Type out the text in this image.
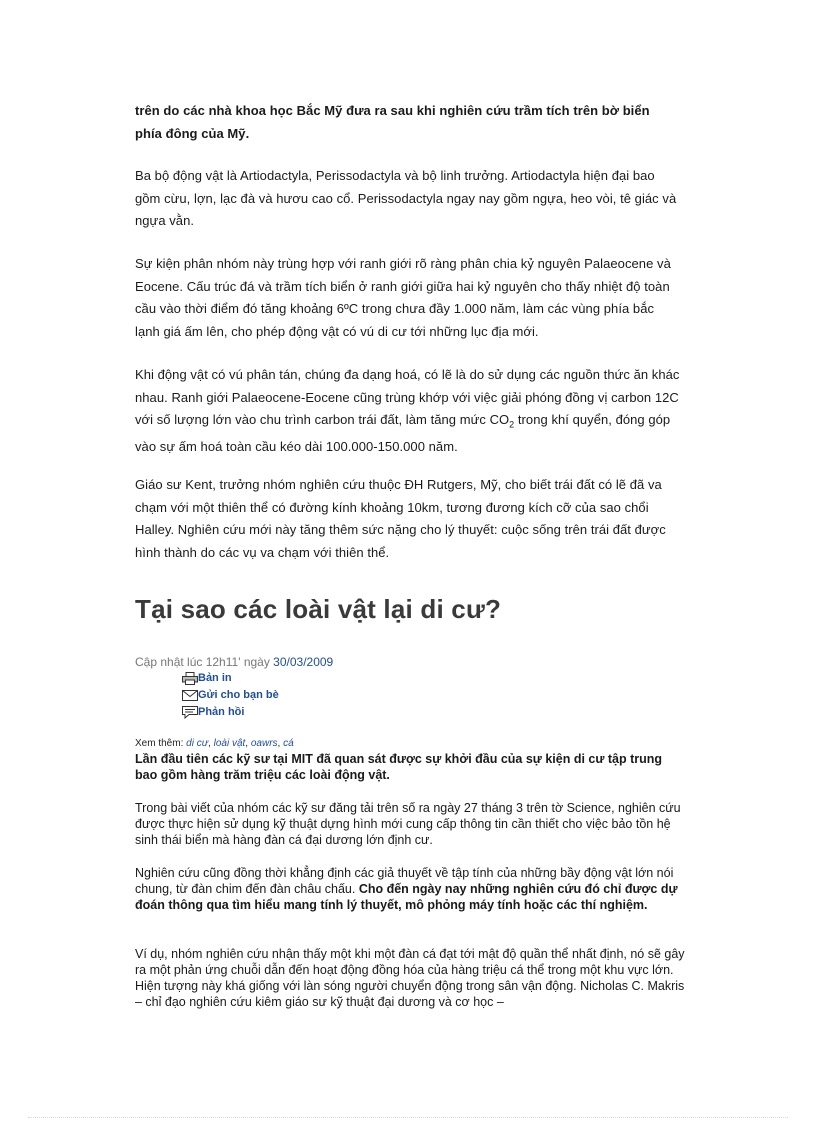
trên do các nhà khoa học Bắc Mỹ đưa ra sau khi nghiên cứu trầm tích trên bờ biển phía đông của Mỹ.

Ba bộ động vật là Artiodactyla, Perissodactyla và bộ linh trưởng. Artiodactyla hiện đại bao gồm cừu, lợn, lạc đà và hươu cao cổ. Perissodactyla ngay nay gồm ngựa, heo vòi, tê giác và ngựa vằn.

Sự kiện phân nhóm này trùng hợp với ranh giới rõ ràng phân chia kỷ nguyên Palaeocene và Eocene. Cấu trúc đá và trầm tích biển ở ranh giới giữa hai kỷ nguyên cho thấy nhiệt độ toàn cầu vào thời điểm đó tăng khoảng 6ºC trong chưa đầy 1.000 năm, làm các vùng phía bắc lạnh giá ấm lên, cho phép động vật có vú di cư tới những lục địa mới.

Khi động vật có vú phân tán, chúng đa dạng hoá, có lẽ là do sử dụng các nguồn thức ăn khác nhau. Ranh giới Palaeocene-Eocene cũng trùng khớp với việc giải phóng đồng vị carbon 12C với số lượng lớn vào chu trình carbon trái đất, làm tăng mức $CO_2$ trong khí quyển, đóng góp vào sự ấm hoá toàn cầu kéo dài 100.000-150.000 năm.

Giáo sư Kent, trưởng nhóm nghiên cứu thuộc ĐH Rutgers, Mỹ, cho biết trái đất có lẽ đã va chạm với một thiên thể có đường kính khoảng 10km, tương đương kích cỡ của sao chổi Halley. Nghiên cứu mới này tăng thêm sức nặng cho lý thuyết: cuộc sống trên trái đất được hình thành do các vụ va chạm với thiên thể.

Tại sao các loài vật lại di cư?
Cập nhật lúc 12h11' ngày 30/03/2009
Bản in
Gửi cho bạn bè
Phản hồi
Xem thêm: di cư, loài vật, oawrs, cá

Lần đầu tiên các kỹ sư tại MIT đã quan sát được sự khởi đầu của sự kiện di cư tập trung bao gồm hàng trăm triệu các loài động vật.

Trong bài viết của nhóm các kỹ sư đăng tải trên số ra ngày 27 tháng 3 trên tờ Science, nghiên cứu được thực hiện sử dụng kỹ thuật dựng hình mới cung cấp thông tin cần thiết cho việc bảo tồn hệ sinh thái biển mà hàng đàn cá đại dương lớn định cư.

Nghiên cứu cũng đồng thời khẳng định các giả thuyết về tập tính của những bầy động vật lớn nói chung, từ đàn chim đến đàn châu chấu. Cho đến ngày nay những nghiên cứu đó chỉ được dự đoán thông qua tìm hiểu mang tính lý thuyết, mô phỏng máy tính hoặc các thí nghiệm.

Ví dụ, nhóm nghiên cứu nhận thấy một khi một đàn cá đạt tới mật độ quần thể nhất định, nó sẽ gây ra một phản ứng chuỗi dẫn đến hoạt động đồng hóa của hàng triệu cá thể trong một khu vực lớn. Hiện tượng này khá giống với làn sóng người chuyển động trong sân vận động. Nicholas C. Makris – chỉ đạo nghiên cứu kiêm giáo sư kỹ thuật đại dương và cơ học –
